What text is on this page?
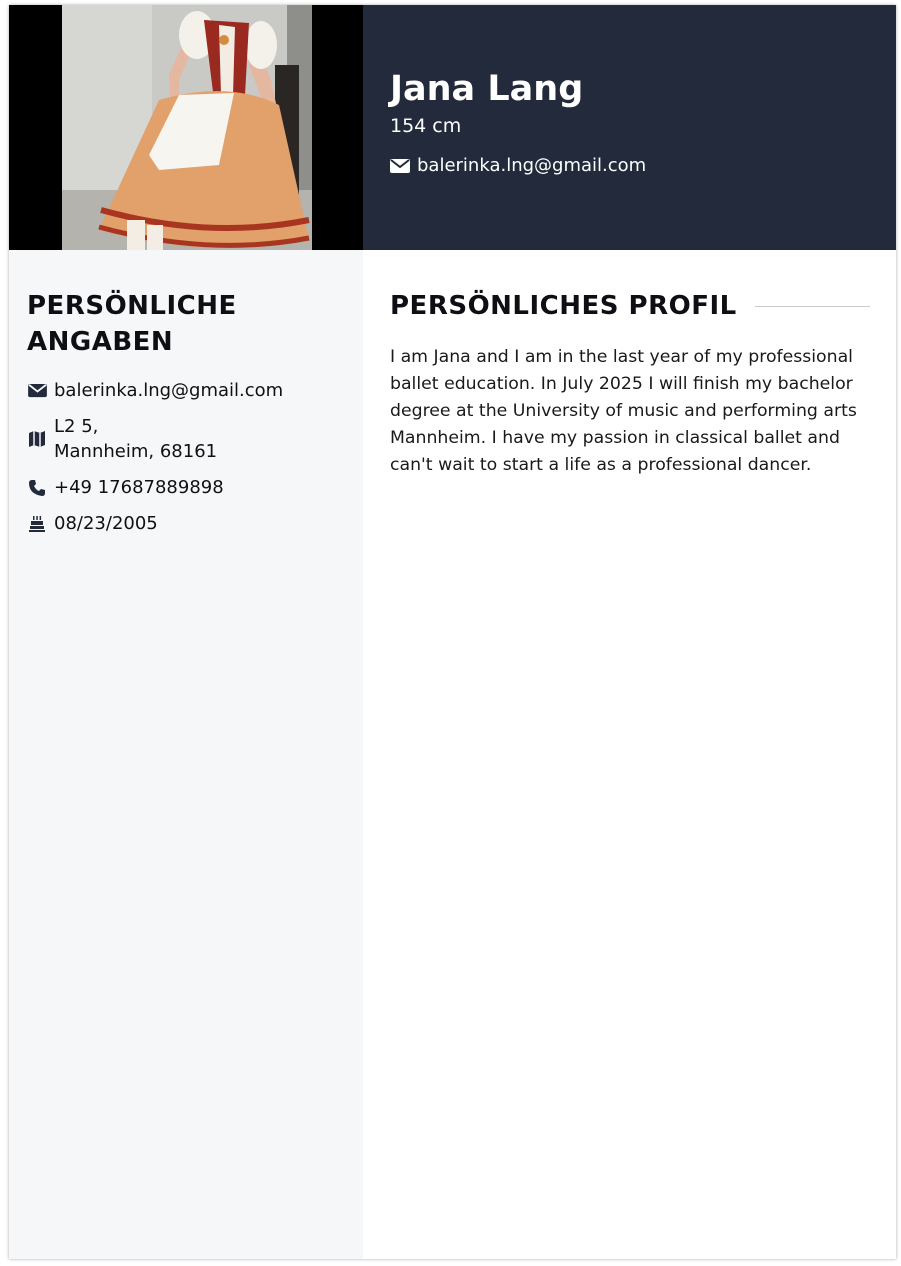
Jana Lang
154 cm
balerinka.lng@gmail.com
PERSÖNLICHE ANGABEN
balerinka.lng@gmail.com
L2 5,
Mannheim, 68161
+49 17687889898
08/23/2005
PERSÖNLICHES PROFIL

I am Jana and I am in the last year of my professional ballet education. In July 2025 I will finish my bachelor degree at the University of music and performing arts Mannheim. I have my passion in classical ballet and can't wait to start a life as a professional dancer.
